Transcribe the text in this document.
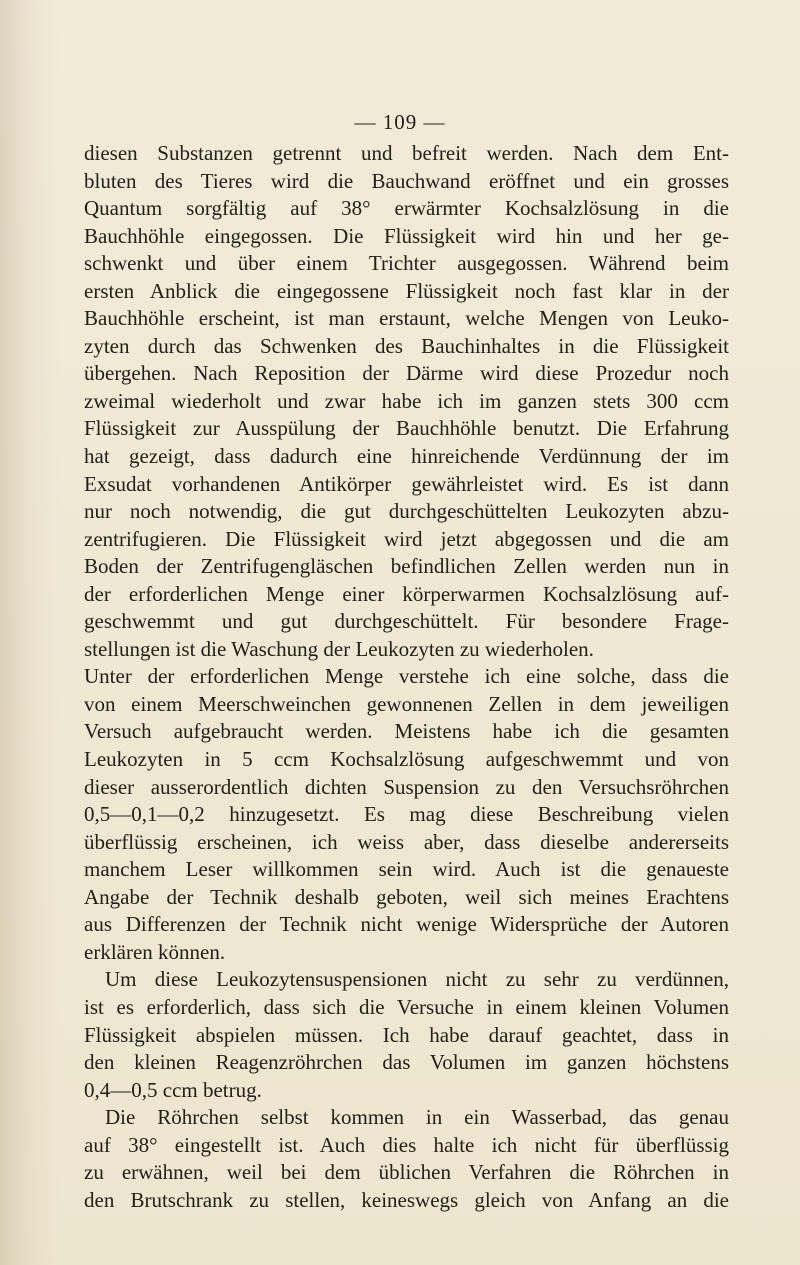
— 109 —
diesen Substanzen getrennt und befreit werden. Nach dem Ent-
bluten des Tieres wird die Bauchwand eröffnet und ein grosses
Quantum sorgfältig auf 38° erwärmter Kochsalzlösung in die
Bauchhöhle eingegossen. Die Flüssigkeit wird hin und her ge-
schwenkt und über einem Trichter ausgegossen. Während beim
ersten Anblick die eingegossene Flüssigkeit noch fast klar in der
Bauchhöhle erscheint, ist man erstaunt, welche Mengen von Leuko-
zyten durch das Schwenken des Bauchinhaltes in die Flüssigkeit
übergehen. Nach Reposition der Därme wird diese Prozedur noch
zweimal wiederholt und zwar habe ich im ganzen stets 300 ccm
Flüssigkeit zur Ausspülung der Bauchhöhle benutzt. Die Erfahrung
hat gezeigt, dass dadurch eine hinreichende Verdünnung der im
Exsudat vorhandenen Antikörper gewährleistet wird. Es ist dann
nur noch notwendig, die gut durchgeschüttelten Leukozyten abzu-
zentrifugieren. Die Flüssigkeit wird jetzt abgegossen und die am
Boden der Zentrifugengläschen befindlichen Zellen werden nun in
der erforderlichen Menge einer körperwarmen Kochsalzlösung auf-
geschwemmt und gut durchgeschüttelt. Für besondere Frage-
stellungen ist die Waschung der Leukozyten zu wiederholen.
Unter der erforderlichen Menge verstehe ich eine solche, dass die
von einem Meerschweinchen gewonnenen Zellen in dem jeweiligen
Versuch aufgebraucht werden. Meistens habe ich die gesamten
Leukozyten in 5 ccm Kochsalzlösung aufgeschwemmt und von
dieser ausserordentlich dichten Suspension zu den Versuchsröhrchen
0,5—0,1—0,2 hinzugesetzt. Es mag diese Beschreibung vielen
überflüssig erscheinen, ich weiss aber, dass dieselbe andererseits
manchem Leser willkommen sein wird. Auch ist die genaueste
Angabe der Technik deshalb geboten, weil sich meines Erachtens
aus Differenzen der Technik nicht wenige Widersprüche der Autoren
erklären können.
Um diese Leukozytensuspensionen nicht zu sehr zu verdünnen,
ist es erforderlich, dass sich die Versuche in einem kleinen Volumen
Flüssigkeit abspielen müssen. Ich habe darauf geachtet, dass in
den kleinen Reagenzröhrchen das Volumen im ganzen höchstens
0,4—0,5 ccm betrug.
Die Röhrchen selbst kommen in ein Wasserbad, das genau
auf 38° eingestellt ist. Auch dies halte ich nicht für überflüssig
zu erwähnen, weil bei dem üblichen Verfahren die Röhrchen in
den Brutschrank zu stellen, keineswegs gleich von Anfang an die
